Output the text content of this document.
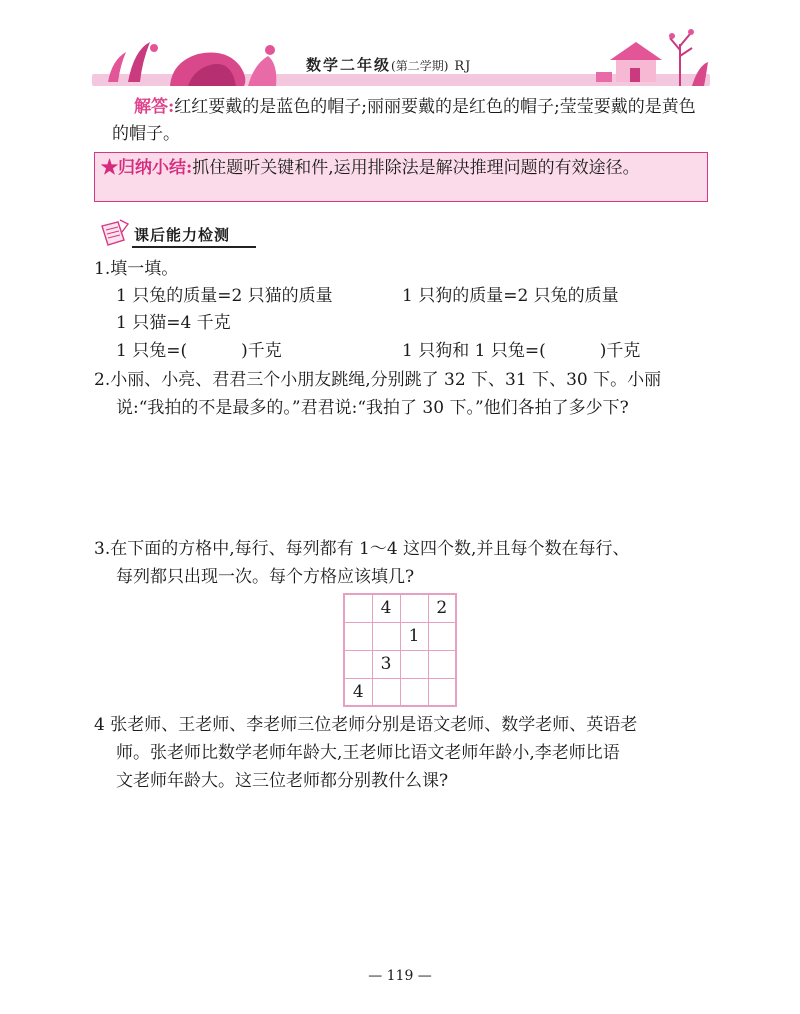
数学二年级(第二学期) RJ
解答:红红要戴的是蓝色的帽子;丽丽要戴的是红色的帽子;莹莹要戴的是黄色的帽子。
★归纳小结:抓住题听关键和件,运用排除法是解决推理问题的有效途径。
课后能力检测
1.填一填。
1 只兔的质量=2 只猫的质量	1 只狗的质量=2 只兔的质量
1 只猫=4 千克
1 只兔=(          )千克	1 只狗和 1 只兔=(          )千克
2.小丽、小亮、君君三个小朋友跳绳,分别跳了 32 下、31 下、30 下。小丽
说:“我拍的不是最多的。”君君说:“我拍了 30 下。”他们各拍了多少下?
3.在下面的方格中,每行、每列都有 1～4 这四个数,并且每个数在每行、
每列都只出现一次。每个方格应该填几?
	4		2
		1	
	3		
4			
4 张老师、王老师、李老师三位老师分别是语文老师、数学老师、英语老
师。张老师比数学老师年龄大,王老师比语文老师年龄小,李老师比语
文老师年龄大。这三位老师都分别教什么课?
— 119 —
